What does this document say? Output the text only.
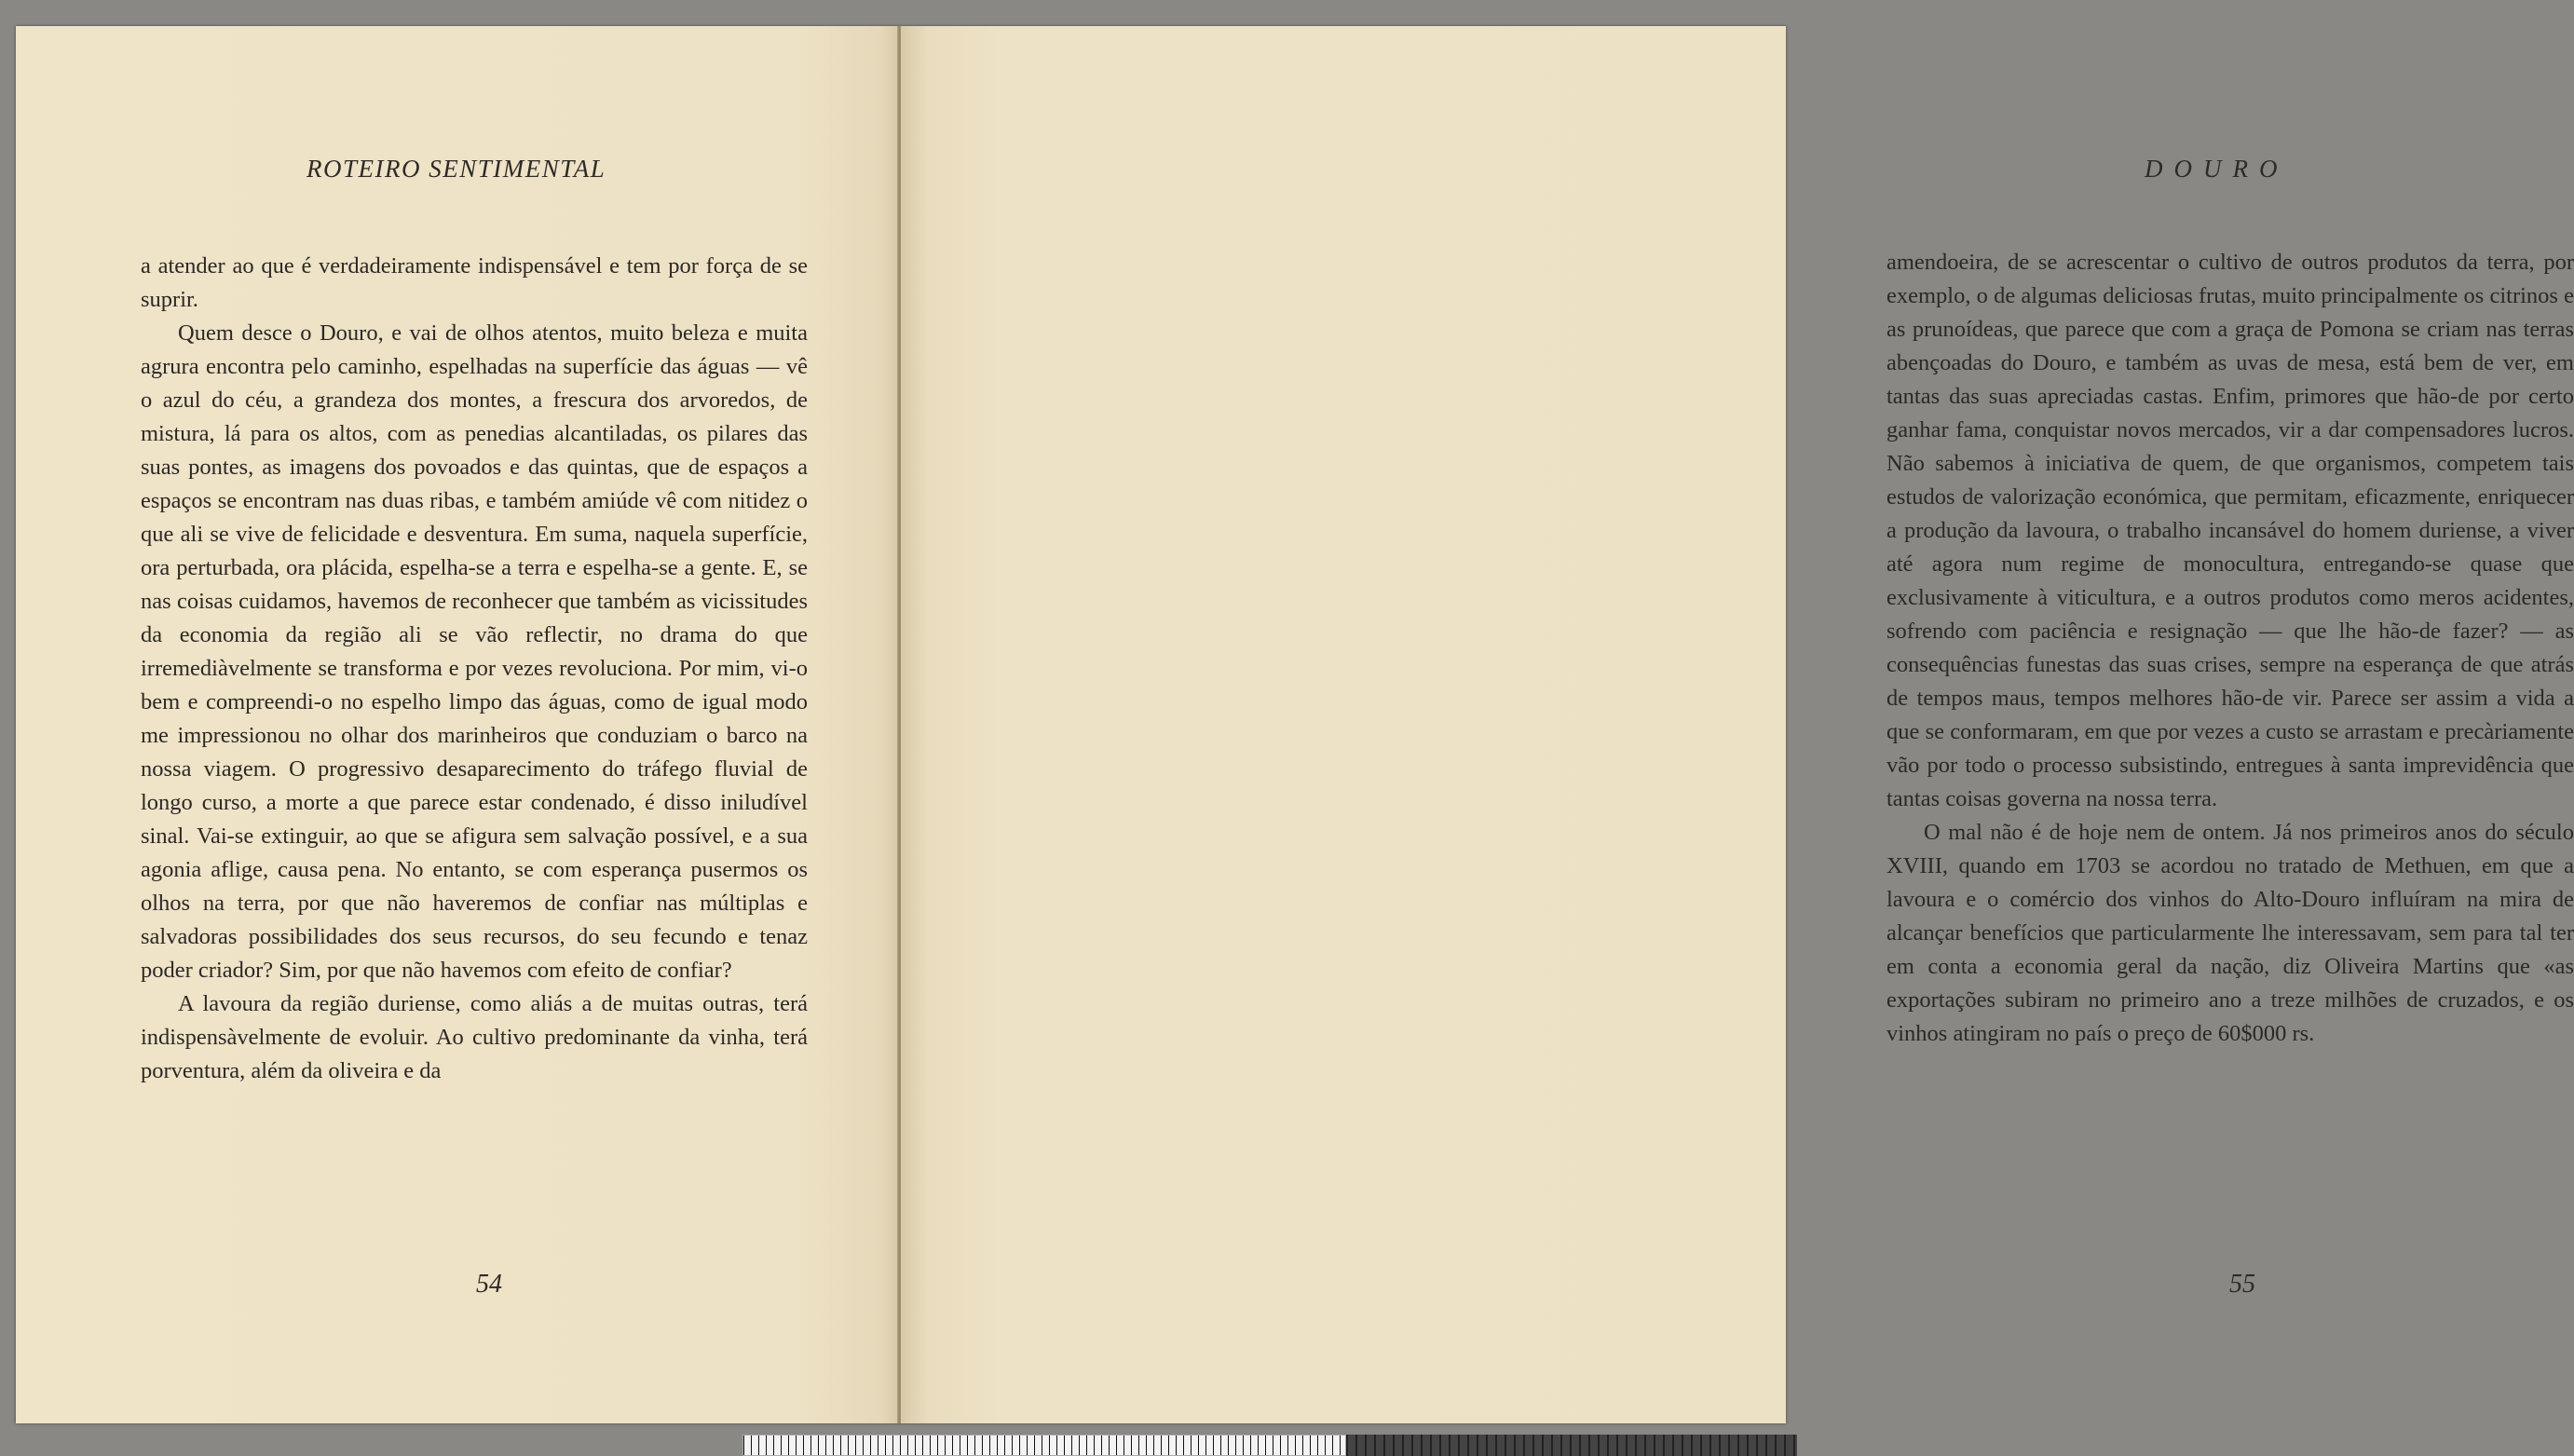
ROTEIRO SENTIMENTAL

a atender ao que é verdadeiramente indispensável e tem por força de se suprir.

Quem desce o Douro, e vai de olhos atentos, muito beleza e muita agrura encontra pelo caminho, espelhadas na superfície das águas — vê o azul do céu, a grandeza dos montes, a frescura dos arvoredos, de mistura, lá para os altos, com as penedias alcantiladas, os pilares das suas pontes, as imagens dos povoados e das quintas, que de espaços a espaços se encontram nas duas ribas, e também amiúde vê com nitidez o que ali se vive de felicidade e desventura. Em suma, naquela superfície, ora perturbada, ora plácida, espelha-se a terra e espelha-se a gente. E, se nas coisas cuidamos, havemos de reconhecer que também as vicissitudes da economia da região ali se vão reflectir, no drama do que irremediàvelmente se transforma e por vezes revoluciona. Por mim, vi-o bem e compreendi-o no espelho limpo das águas, como de igual modo me impressionou no olhar dos marinheiros que conduziam o barco na nossa viagem. O progressivo desaparecimento do tráfego fluvial de longo curso, a morte a que parece estar condenado, é disso iniludível sinal. Vai-se extinguir, ao que se afigura sem salvação possível, e a sua agonia aflige, causa pena. No entanto, se com esperança pusermos os olhos na terra, por que não haveremos de confiar nas múltiplas e salvadoras possibilidades dos seus recursos, do seu fecundo e tenaz poder criador? Sim, por que não havemos com efeito de confiar?

A lavoura da região duriense, como aliás a de muitas outras, terá indispensàvelmente de evoluir. Ao cultivo predominante da vinha, terá porventura, além da oliveira e da

54
DOURO

amendoeira, de se acrescentar o cultivo de outros produtos da terra, por exemplo, o de algumas deliciosas frutas, muito principalmente os citrinos e as prunoídeas, que parece que com a graça de Pomona se criam nas terras abençoadas do Douro, e também as uvas de mesa, está bem de ver, em tantas das suas apreciadas castas. Enfim, primores que hão-de por certo ganhar fama, conquistar novos mercados, vir a dar compensadores lucros. Não sabemos à iniciativa de quem, de que organismos, competem tais estudos de valorização económica, que permitam, eficazmente, enriquecer a produção da lavoura, o trabalho incansável do homem duriense, a viver até agora num regime de monocultura, entregando-se quase que exclusivamente à viticultura, e a outros produtos como meros acidentes, sofrendo com paciência e resignação — que lhe hão-de fazer? — as consequências funestas das suas crises, sempre na esperança de que atrás de tempos maus, tempos melhores hão-de vir. Parece ser assim a vida a que se conformaram, em que por vezes a custo se arrastam e precàriamente vão por todo o processo subsistindo, entregues à santa imprevidência que tantas coisas governa na nossa terra.

O mal não é de hoje nem de ontem. Já nos primeiros anos do século XVIII, quando em 1703 se acordou no tratado de Methuen, em que a lavoura e o comércio dos vinhos do Alto-Douro influíram na mira de alcançar benefícios que particularmente lhe interessavam, sem para tal ter em conta a economia geral da nação, diz Oliveira Martins que «as exportações subiram no primeiro ano a treze milhões de cruzados, e os vinhos atingiram no país o preço de 60$000 rs.

55
